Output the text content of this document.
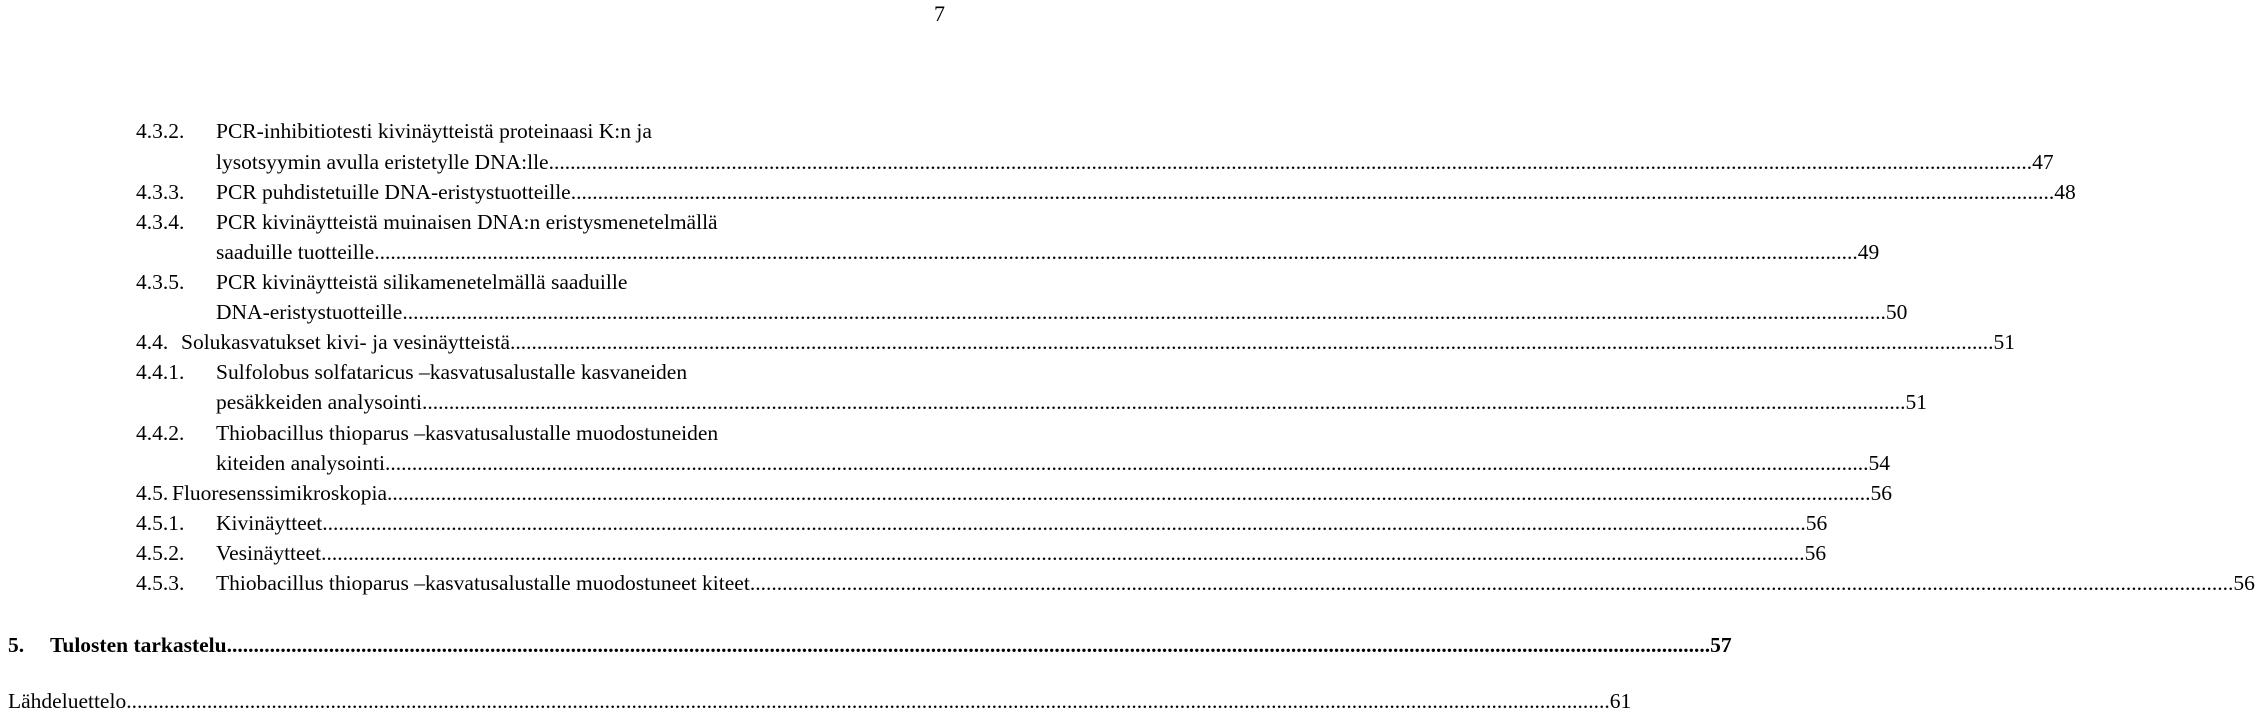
7
4.3.2. PCR-inhibitiotesti kivinäytteistä proteinaasi K:n ja
lysotsyymin avulla eristetylle DNA:lle .................................................................................................................................................................................................................................................................................... 47
4.3.3. PCR puhdistetuille DNA-eristystuotteille .................................................................................................................................................................................................................................................................................... 48
4.3.4. PCR kivinäytteistä muinaisen DNA:n eristysmenetelmällä
saaduille tuotteille .................................................................................................................................................................................................................................................................................... 49
4.3.5. PCR kivinäytteistä silikamenetelmällä saaduille
DNA-eristystuotteille .................................................................................................................................................................................................................................................................................... 50
4.4. Solukasvatukset kivi- ja vesinäytteistä .................................................................................................................................................................................................................................................................................... 51
4.4.1. Sulfolobus solfataricus –kasvatusalustalle kasvaneiden
pesäkkeiden analysointi .................................................................................................................................................................................................................................................................................... 51
4.4.2. Thiobacillus thioparus –kasvatusalustalle muodostuneiden
kiteiden analysointi .................................................................................................................................................................................................................................................................................... 54
4.5. Fluoresenssimikroskopia .................................................................................................................................................................................................................................................................................... 56
4.5.1. Kivinäytteet .................................................................................................................................................................................................................................................................................... 56
4.5.2. Vesinäytteet .................................................................................................................................................................................................................................................................................... 56
4.5.3. Thiobacillus thioparus –kasvatusalustalle muodostuneet kiteet .................................................................................................................................................................................................................................................................................... 56
5. Tulosten tarkastelu .................................................................................................................................................................................................................................................................................... 57
Lähdeluettelo .................................................................................................................................................................................................................................................................................... 61
